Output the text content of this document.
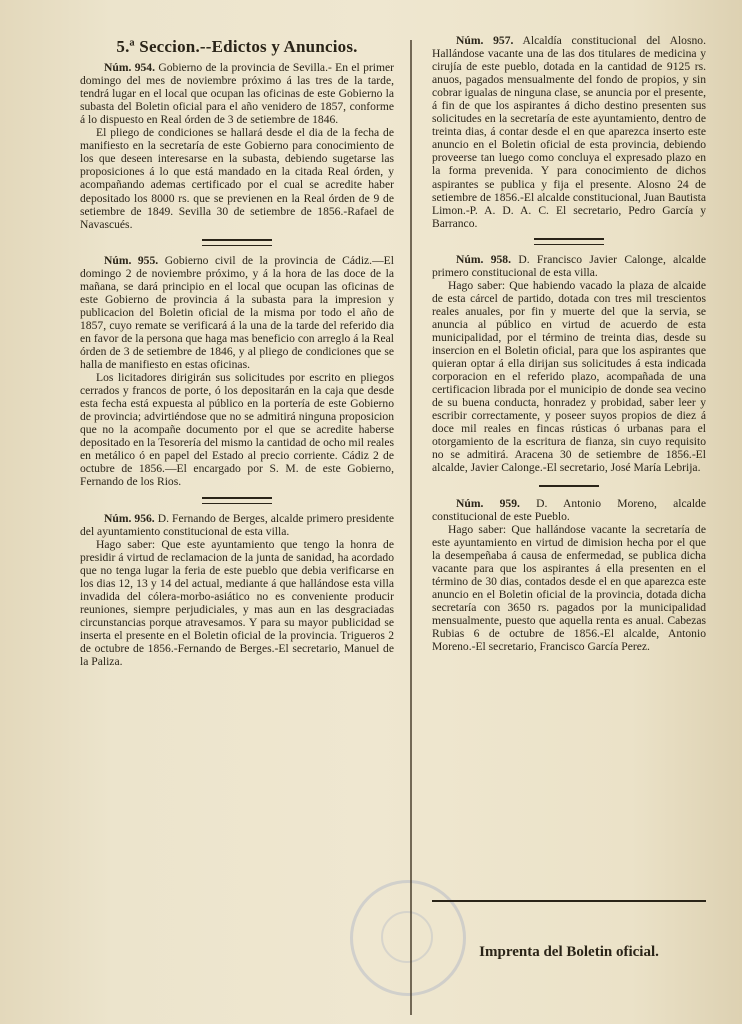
5.ª Seccion.--Edictos y Anuncios.

Núm. 954. Gobierno de la provincia de Sevilla.- En el primer domingo del mes de noviembre próximo á las tres de la tarde, tendrá lugar en el local que ocupan las oficinas de este Gobierno la subasta del Boletin oficial para el año venidero de 1857, conforme á lo dispuesto en Real órden de 3 de setiembre de 1846.

El pliego de condiciones se hallará desde el dia de la fecha de manifiesto en la secretaría de este Gobierno para conocimiento de los que deseen interesarse en la subasta, debiendo sugetarse las proposiciones á lo que está mandado en la citada Real órden, y acompañando ademas certificado por el cual se acredite haber depositado los 8000 rs. que se previenen en la Real órden de 9 de setiembre de 1849. Sevilla 30 de setiembre de 1856.-Rafael de Navascués.

Núm. 955. Gobierno civil de la provincia de Cádiz.—El domingo 2 de noviembre próximo, y á la hora de las doce de la mañana, se dará principio en el local que ocupan las oficinas de este Gobierno de provincia á la subasta para la impresion y publicacion del Boletin oficial de la misma por todo el año de 1857, cuyo remate se verificará á la una de la tarde del referido dia en favor de la persona que haga mas beneficio con arreglo á la Real órden de 3 de setiembre de 1846, y al pliego de condiciones que se halla de manifiesto en estas oficinas.

Los licitadores dirigirán sus solicitudes por escrito en pliegos cerrados y francos de porte, ó los depositarán en la caja que desde esta fecha está expuesta al público en la portería de este Gobierno de provincia; advirtiéndose que no se admitirá ninguna proposicion que no la acompañe documento por el que se acredite haberse depositado en la Tesorería del mismo la cantidad de ocho mil reales en metálico ó en papel del Estado al precio corriente. Cádiz 2 de octubre de 1856.—El encargado por S. M. de este Gobierno, Fernando de los Rios.

Núm. 956. D. Fernando de Berges, alcalde primero presidente del ayuntamiento constitucional de esta villa.

Hago saber: Que este ayuntamiento que tengo la honra de presidir á virtud de reclamacion de la junta de sanidad, ha acordado que no tenga lugar la feria de este pueblo que debia verificarse en los dias 12, 13 y 14 del actual, mediante á que hallándose esta villa invadida del cólera-morbo-asiático no es conveniente producir reuniones, siempre perjudiciales, y mas aun en las desgraciadas circunstancias porque atravesamos. Y para su mayor publicidad se inserta el presente en el Boletin oficial de la provincia. Trigueros 2 de octubre de 1856.-Fernando de Berges.-El secretario, Manuel de la Paliza.

Núm. 957. Alcaldía constitucional del Alosno. Hallándose vacante una de las dos titulares de medicina y cirujía de este pueblo, dotada en la cantidad de 9125 rs. anuos, pagados mensualmente del fondo de propios, y sin cobrar igualas de ninguna clase, se anuncia por el presente, á fin de que los aspirantes á dicho destino presenten sus solicitudes en la secretaría de este ayuntamiento, dentro de treinta dias, á contar desde el en que aparezca inserto este anuncio en el Boletin oficial de esta provincia, debiendo proveerse tan luego como concluya el expresado plazo en la forma prevenida. Y para conocimiento de dichos aspirantes se publica y fija el presente. Alosno 24 de setiembre de 1856.-El alcalde constitucional, Juan Bautista Limon.-P. A. D. A. C. El secretario, Pedro García y Barranco.

Núm. 958. D. Francisco Javier Calonge, alcalde primero constitucional de esta villa.

Hago saber: Que habiendo vacado la plaza de alcaide de esta cárcel de partido, dotada con tres mil trescientos reales anuales, por fin y muerte del que la servia, se anuncia al público en virtud de acuerdo de esta municipalidad, por el término de treinta dias, desde su insercion en el Boletin oficial, para que los aspirantes que quieran optar á ella dirijan sus solicitudes á esta indicada corporacion en el referido plazo, acompañada de una certificacion librada por el municipio de donde sea vecino de su buena conducta, honradez y probidad, saber leer y escribir correctamente, y poseer suyos propios de diez á doce mil reales en fincas rústicas ó urbanas para el otorgamiento de la escritura de fianza, sin cuyo requisito no se admitirá. Aracena 30 de setiembre de 1856.-El alcalde, Javier Calonge.-El secretario, José María Lebrija.

Núm. 959. D. Antonio Moreno, alcalde constitucional de este Pueblo.

Hago saber: Que hallándose vacante la secretaría de este ayuntamiento en virtud de dimision hecha por el que la desempeñaba á causa de enfermedad, se publica dicha vacante para que los aspirantes á ella presenten en el término de 30 dias, contados desde el en que aparezca este anuncio en el Boletin oficial de la provincia, dotada dicha secretaría con 3650 rs. pagados por la municipalidad mensualmente, puesto que aquella renta es anual. Cabezas Rubias 6 de octubre de 1856.-El alcalde, Antonio Moreno.-El secretario, Francisco García Perez.

Imprenta del Boletin oficial.
